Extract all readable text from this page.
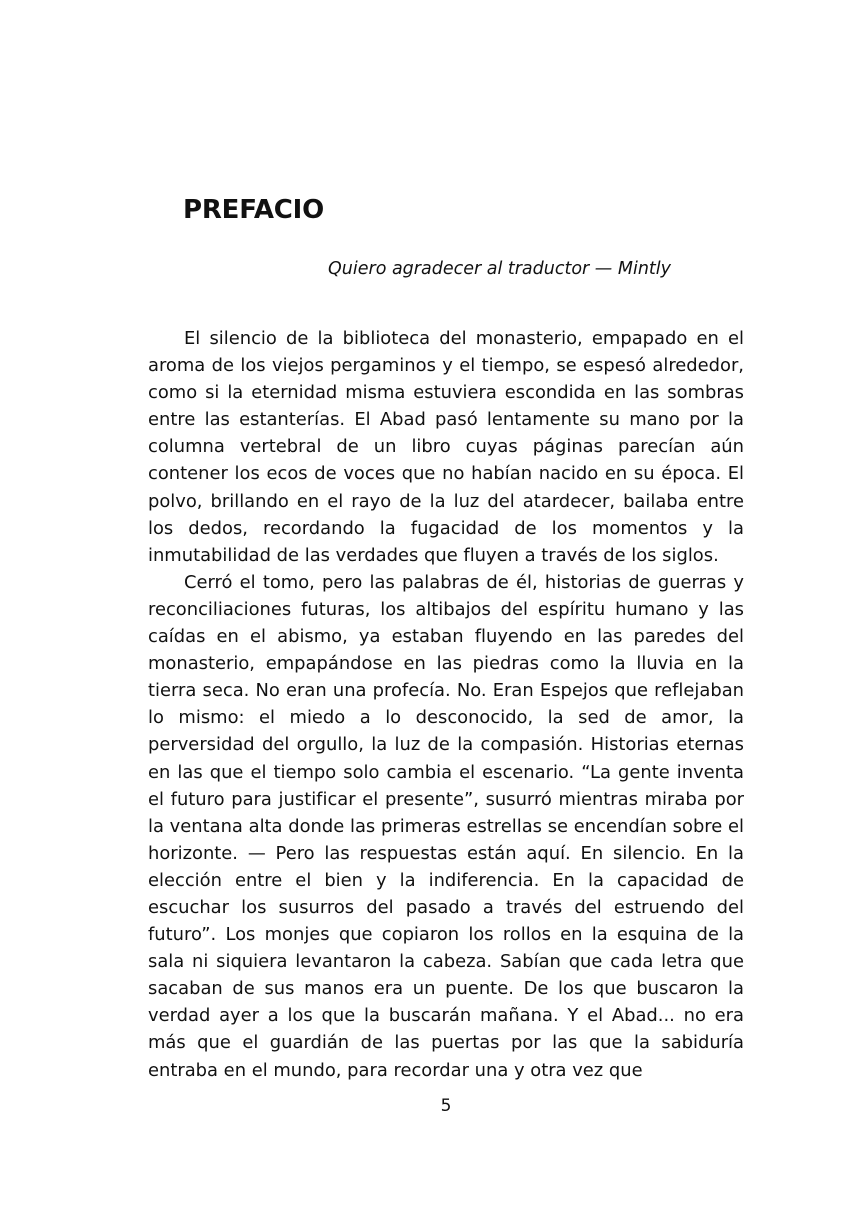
PREFACIO
Quiero agradecer al traductor — Mintly

El silencio de la biblioteca del monasterio, empapado en el aroma de los viejos pergaminos y el tiempo, se espesó alrededor, como si la eternidad misma estuviera escondida en las sombras entre las estanterías. El Abad pasó lentamente su mano por la columna vertebral de un libro cuyas páginas parecían aún contener los ecos de voces que no habían nacido en su época. El polvo, brillando en el rayo de la luz del atardecer, bailaba entre los dedos, recordando la fugacidad de los momentos y la inmutabilidad de las verdades que fluyen a través de los siglos.

Cerró el tomo, pero las palabras de él, historias de guerras y reconciliaciones futuras, los altibajos del espíritu humano y las caídas en el abismo, ya estaban fluyendo en las paredes del monasterio, empapándose en las piedras como la lluvia en la tierra seca. No eran una profecía. No. Eran Espejos que reflejaban lo mismo: el miedo a lo desconocido, la sed de amor, la perversidad del orgullo, la luz de la compasión. Historias eternas en las que el tiempo solo cambia el escenario. “La gente inventa el futuro para justificar el presente”, susurró mientras miraba por la ventana alta donde las primeras estrellas se encendían sobre el horizonte. — Pero las respuestas están aquí. En silencio. En la elección entre el bien y la indiferencia. En la capacidad de escuchar los susurros del pasado a través del estruendo del futuro”. Los monjes que copiaron los rollos en la esquina de la sala ni siquiera levantaron la cabeza. Sabían que cada letra que sacaban de sus manos era un puente. De los que buscaron la verdad ayer a los que la buscarán mañana. Y el Abad... no era más que el guardián de las puertas por las que la sabiduría entraba en el mundo, para recordar una y otra vez que

5
